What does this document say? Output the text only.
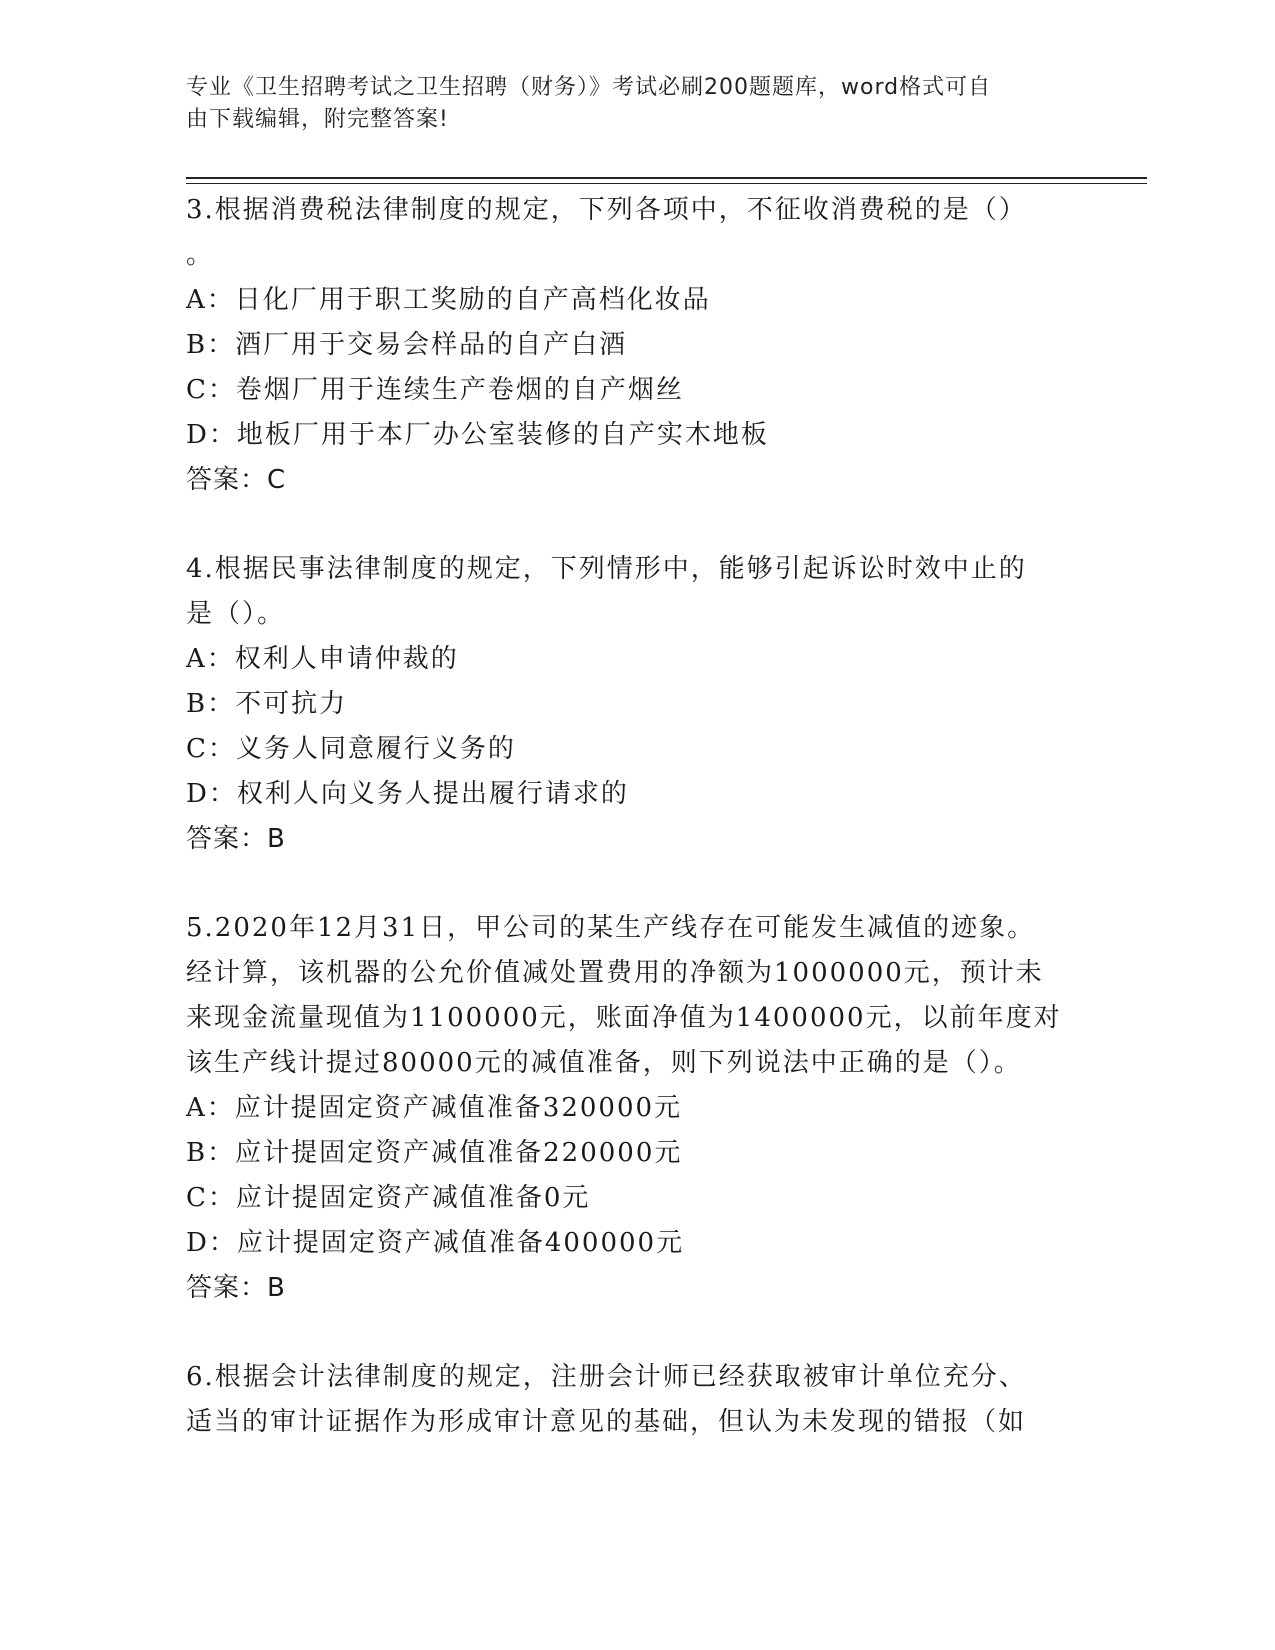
专业《卫生招聘考试之卫生招聘（财务）》考试必刷200题题库，word格式可自
由下载编辑，附完整答案!
3.根据消费税法律制度的规定，下列各项中，不征收消费税的是（）
。
A：日化厂用于职工奖励的自产高档化妆品
B：酒厂用于交易会样品的自产白酒
C：卷烟厂用于连续生产卷烟的自产烟丝
D：地板厂用于本厂办公室装修的自产实木地板
答案：C
4.根据民事法律制度的规定，下列情形中，能够引起诉讼时效中止的
是（）。
A：权利人申请仲裁的
B：不可抗力
C：义务人同意履行义务的
D：权利人向义务人提出履行请求的
答案：B
5.2020年12月31日，甲公司的某生产线存在可能发生减值的迹象。
经计算，该机器的公允价值减处置费用的净额为1000000元，预计未
来现金流量现值为1100000元，账面净值为1400000元，以前年度对
该生产线计提过80000元的减值准备，则下列说法中正确的是（）。
A：应计提固定资产减值准备320000元
B：应计提固定资产减值准备220000元
C：应计提固定资产减值准备0元
D：应计提固定资产减值准备400000元
答案：B
6.根据会计法律制度的规定，注册会计师已经获取被审计单位充分、
适当的审计证据作为形成审计意见的基础，但认为未发现的错报（如
